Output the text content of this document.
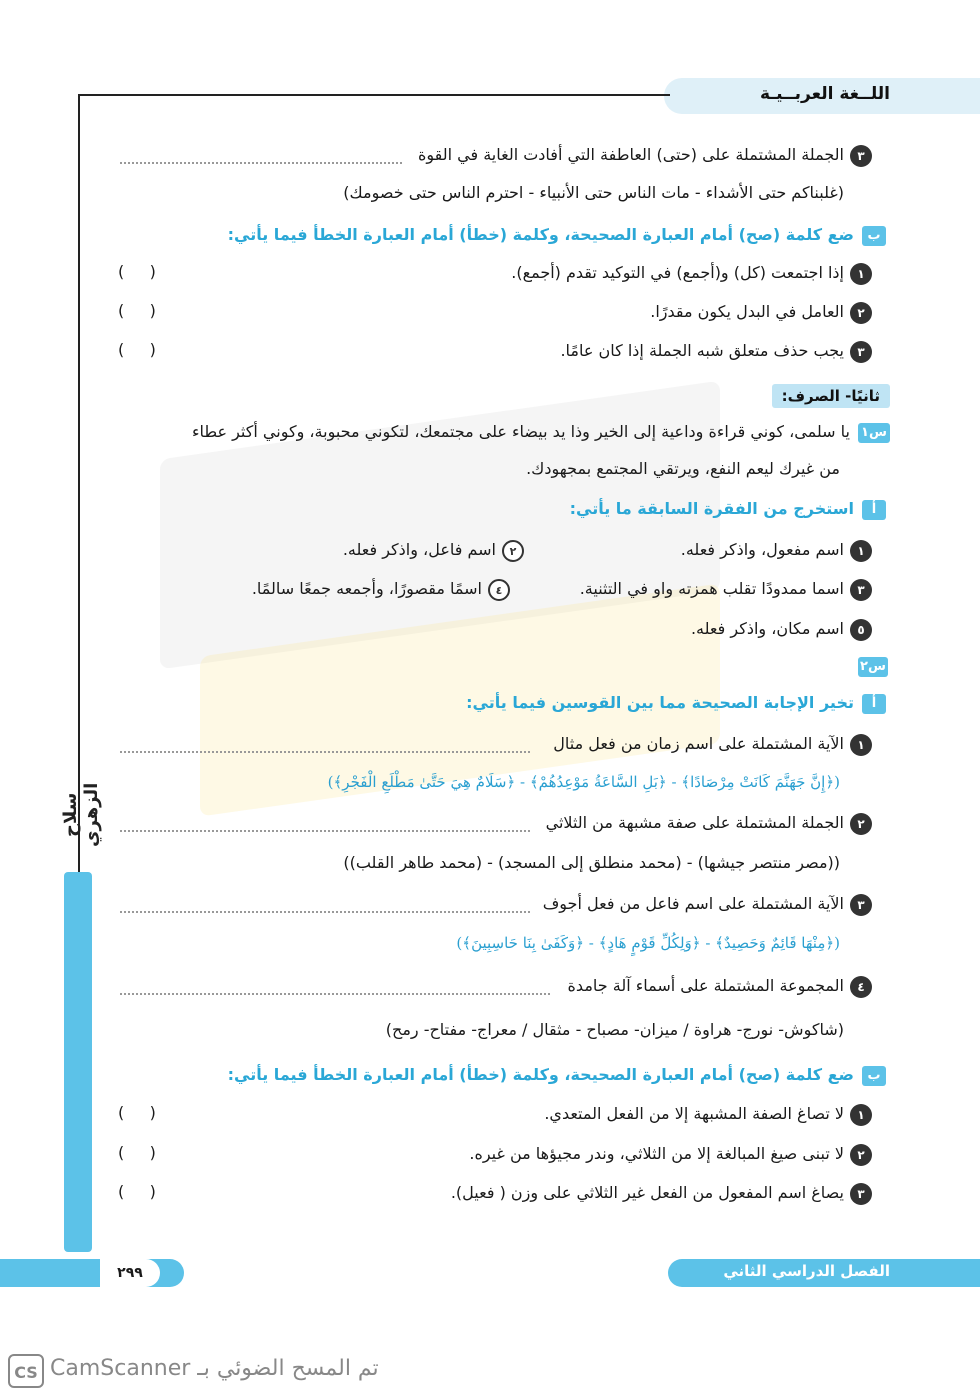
اللــغة العربــيـة
سلاح الزهري
٣
الجملة المشتملة على (حتى) العاطفة التي أفادت الغاية في القوة
(غلبناكم حتى الأشداء - مات الناس حتى الأنبياء - احترم الناس حتى خصومك)
ب
ضع كلمة (صح) أمام العبارة الصحيحة، وكلمة (خطأ) أمام العبارة الخطأ فيما يأتي:
١
إذا اجتمعت (كل) و(أجمع) في التوكيد تقدم (أجمع).
(     )
٢
العامل في البدل يكون مقدرًا.
(     )
٣
يجب حذف متعلق شبه الجملة إذا كان عامًا.
(     )
ثانيًا- الصرف:
س١
يا سلمى، كوني قراءة وداعية إلى الخير وذا يد بيضاء على مجتمعك، لتكوني محبوبة، وكوني أكثر عطاء
من غيرك ليعم النفع، ويرتقي المجتمع بمجهودك.
أ
استخرج من الفقرة السابقة ما يأتي:
١
اسم مفعول، واذكر فعله.
٢
اسم فاعل، واذكر فعله.
٣
اسما ممدودًا تقلب همزته واو في التثنية.
٤
اسمًا مقصورًا، وأجمعه جمعًا سالمًا.
٥
اسم مكان، واذكر فعله.
س٢
أ
تخير الإجابة الصحيحة مما بين القوسين فيما يأتي:
١
الآية المشتملة على اسم زمان من فعل مثال
(﴿إِنَّ جَهَنَّمَ كَانَتْ مِرْصَادًا﴾ - ﴿بَلِ السَّاعَةُ مَوْعِدُهُمْ﴾ - ﴿سَلَامٌ هِيَ حَتَّىٰ مَطْلَعِ الْفَجْرِ﴾)
٢
الجملة المشتملة على صفة مشبهة من الثلاثي
((مصر منتصر جيشها) - (محمد منطلق إلى المسجد) - (محمد طاهر القلب))
٣
الآية المشتملة على اسم فاعل من فعل أجوف
(﴿مِنْهَا قَائِمٌ وَحَصِيدٌ﴾ - ﴿وَلِكُلِّ قَوْمٍ هَادٍ﴾ - ﴿وَكَفَىٰ بِنَا حَاسِبِينَ﴾)
٤
المجموعة المشتملة على أسماء آلة جامدة
(شاكوش- نورج- هراوة / ميزان- مصباح - مثقال / معراج- مفتاح- رمح)
ب
ضع كلمة (صح) أمام العبارة الصحيحة، وكلمة (خطأ) أمام العبارة الخطأ فيما يأتي:
١
لا تصاغ الصفة المشبهة إلا من الفعل المتعدي.
(     )
٢
لا تبنى صيغ المبالغة إلا من الثلاثي، وندر مجيؤها من غيره.
(     )
٣
يصاغ اسم المفعول من الفعل غير الثلاثي على وزن ( فعيل).
(     )
الفصل الدراسي الثاني
٢٩٩
CS تم المسح الضوئي بـ CamScanner
